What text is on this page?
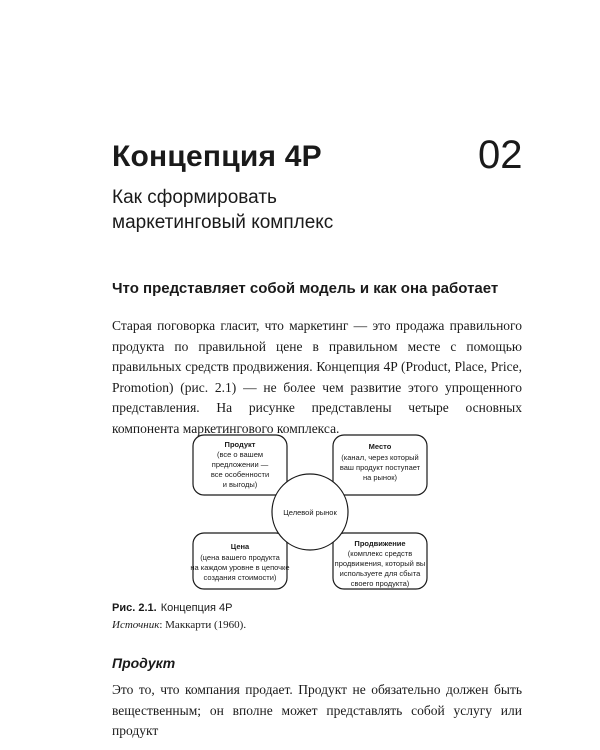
Концепция 4P	02
Как сформировать
маркетинговый комплекс
Что представляет собой модель и как она работает
Старая поговорка гласит, что маркетинг — это продажа правильного продукта по правильной цене в правильном месте с помощью правильных средств продвижения. Концепция 4P (Product, Place, Price, Promotion) (рис. 2.1) — не более чем развитие этого упрощенного представления. На рисунке представлены четыре основных компонента маркетингового комплекса.
Продукт
(все о вашем
предложении —
все особенности
и выгоды)
Место
(канал, через который
ваш продукт поступает
на рынок)
Целевой рынок
Цена
(цена вашего продукта
на каждом уровне в цепочке
создания стоимости)
Продвижение
(комплекс средств
продвижения, который вы
используете для сбыта
своего продукта)
Рис. 2.1. Концепция 4P
Источник: Маккарти (1960).
Продукт
Это то, что компания продает. Продукт не обязательно должен быть вещественным; он вполне может представлять собой услугу или продукт
